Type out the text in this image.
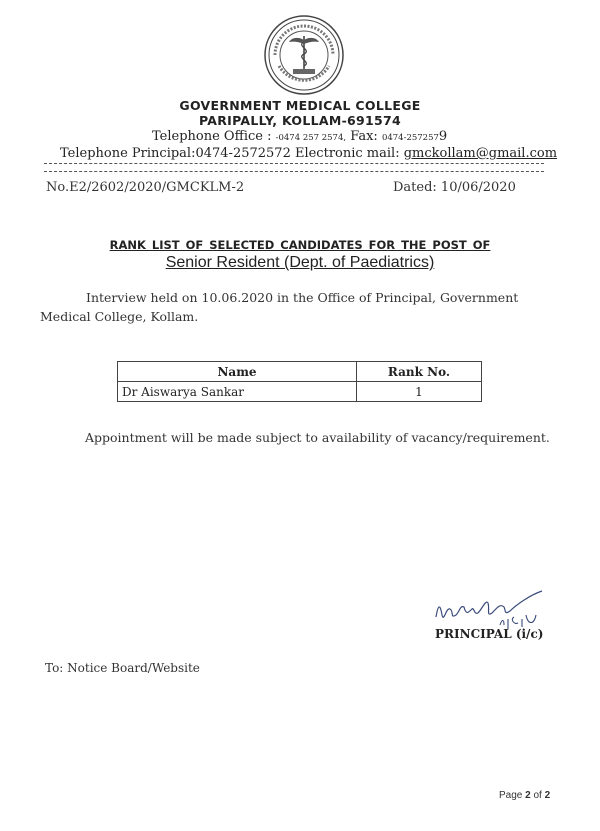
GOVERNMENT MEDICAL COLLEGE
PARIPALLY, KOLLAM-691574
Telephone Office : -0474 257 2574, Fax: 0474-2572579
Telephone Principal:0474-2572572 Electronic mail: gmckollam@gmail.com
No.E2/2602/2020/GMCKLM-2	Dated: 10/06/2020
RANK LIST OF SELECTED CANDIDATES FOR THE POST OF
Senior Resident (Dept. of Paediatrics)
Interview held on 10.06.2020 in the Office of Principal, Government
Medical College, Kollam.
Name	Rank No.
Dr Aiswarya Sankar	1
Appointment will be made subject to availability of vacancy/requirement.
PRINCIPAL (i/c)
To: Notice Board/Website
Page 2 of 2
